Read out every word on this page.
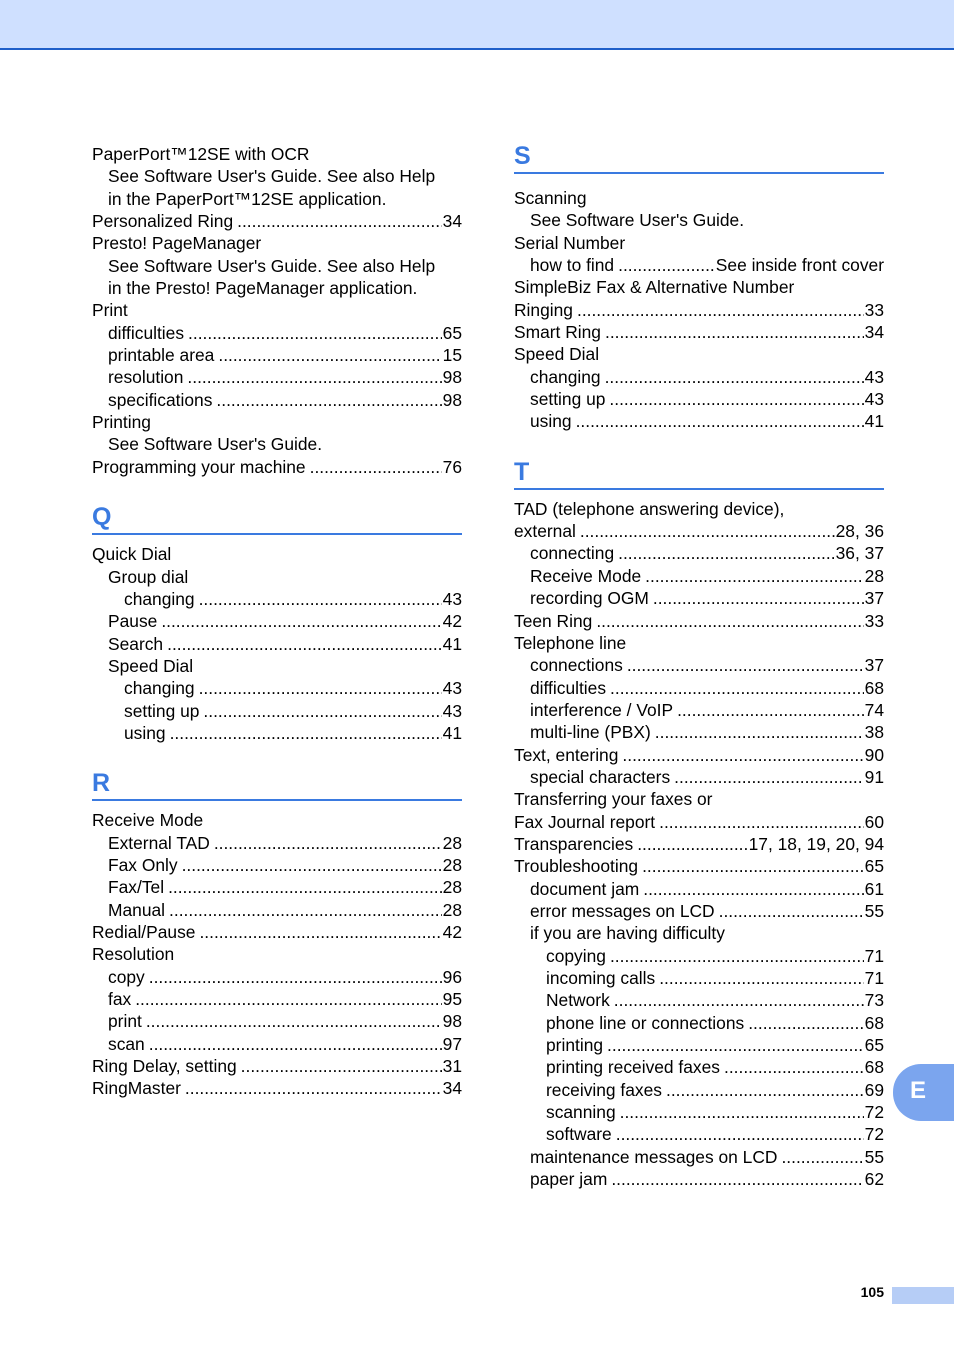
PaperPort™12SE with OCR
See Software User's Guide. See also Help
in the PaperPort™12SE application.
Personalized Ring .....	34
Presto! PageManager
See Software User's Guide. See also Help
in the Presto! PageManager application.
Print
difficulties .....	65
printable area .....	15
resolution .....	98
specifications .....	98
Printing
See Software User's Guide.
Programming your machine .....	76
Q
Quick Dial
Group dial
changing .....	43
Pause .....	42
Search .....	41
Speed Dial
changing .....	43
setting up .....	43
using .....	41
R
Receive Mode
External TAD .....	28
Fax Only .....	28
Fax/Tel .....	28
Manual .....	28
Redial/Pause .....	42
Resolution
copy .....	96
fax .....	95
print .....	98
scan .....	97
Ring Delay, setting .....	31
RingMaster .....	34
S
Scanning
See Software User's Guide.
Serial Number
how to find .....	See inside front cover
SimpleBiz Fax & Alternative Number
Ringing .....	33
Smart Ring .....	34
Speed Dial
changing .....	43
setting up .....	43
using .....	41
T
TAD (telephone answering device),
external .....	28, 36
connecting .....	36, 37
Receive Mode .....	28
recording OGM .....	37
Teen Ring .....	33
Telephone line
connections .....	37
difficulties .....	68
interference / VoIP .....	74
multi-line (PBX) .....	38
Text, entering .....	90
special characters .....	91
Transferring your faxes or
Fax Journal report .....	60
Transparencies .....	17, 18, 19, 20, 94
Troubleshooting .....	65
document jam .....	61
error messages on LCD .....	55
if you are having difficulty
copying .....	71
incoming calls .....	71
Network .....	73
phone line or connections .....	68
printing .....	65
printing received faxes .....	68
receiving faxes .....	69
scanning .....	72
software .....	72
maintenance messages on LCD .....	55
paper jam .....	62
E
105
